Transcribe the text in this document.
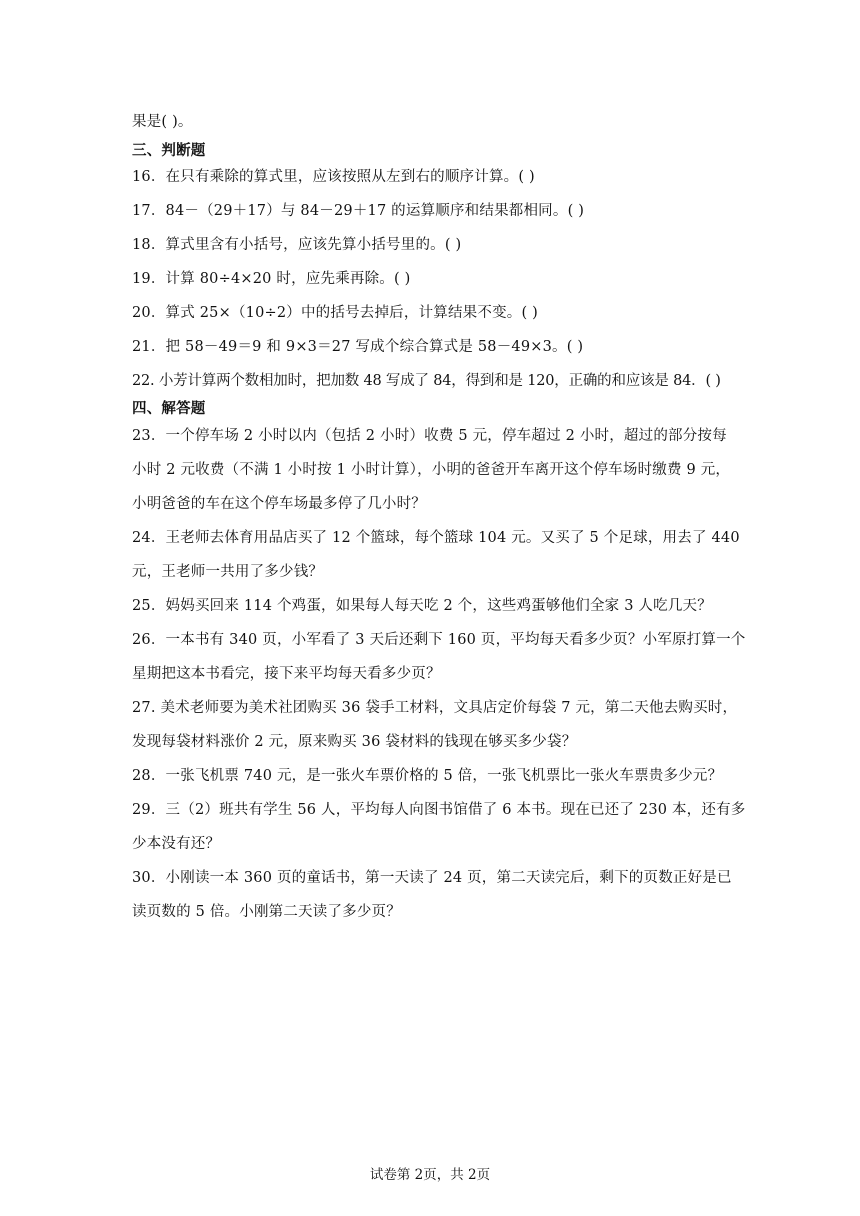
果是( )。
三、判断题
16．在只有乘除的算式里，应该按照从左到右的顺序计算。( )
17．84－（29＋17）与 84－29＋17 的运算顺序和结果都相同。( )
18．算式里含有小括号，应该先算小括号里的。( )
19．计算 80÷4×20 时，应先乘再除。( )
20．算式 25×（10÷2）中的括号去掉后，计算结果不变。( )
21．把 58－49＝9 和 9×3＝27 写成个综合算式是 58－49×3。( )
22. 小芳计算两个数相加时，把加数 48 写成了 84，得到和是 120，正确的和应该是 84．( )
四、解答题
23．一个停车场 2 小时以内（包括 2 小时）收费 5 元，停车超过 2 小时，超过的部分按每
小时 2 元收费（不满 1 小时按 1 小时计算），小明的爸爸开车离开这个停车场时缴费 9 元，
小明爸爸的车在这个停车场最多停了几小时？
24．王老师去体育用品店买了 12 个篮球，每个篮球 104 元。又买了 5 个足球，用去了 440
元，王老师一共用了多少钱？
25．妈妈买回来 114 个鸡蛋，如果每人每天吃 2 个，这些鸡蛋够他们全家 3 人吃几天？
26．一本书有 340 页，小军看了 3 天后还剩下 160 页，平均每天看多少页？小军原打算一个
星期把这本书看完，接下来平均每天看多少页？
27. 美术老师要为美术社团购买 36 袋手工材料，文具店定价每袋 7 元，第二天他去购买时，
发现每袋材料涨价 2 元，原来购买 36 袋材料的钱现在够买多少袋？
28．一张飞机票 740 元，是一张火车票价格的 5 倍，一张飞机票比一张火车票贵多少元？
29．三（2）班共有学生 56 人，平均每人向图书馆借了 6 本书。现在已还了 230 本，还有多
少本没有还？
30．小刚读一本 360 页的童话书，第一天读了 24 页，第二天读完后，剩下的页数正好是已
读页数的 5 倍。小刚第二天读了多少页？
试卷第 2页，共 2页
